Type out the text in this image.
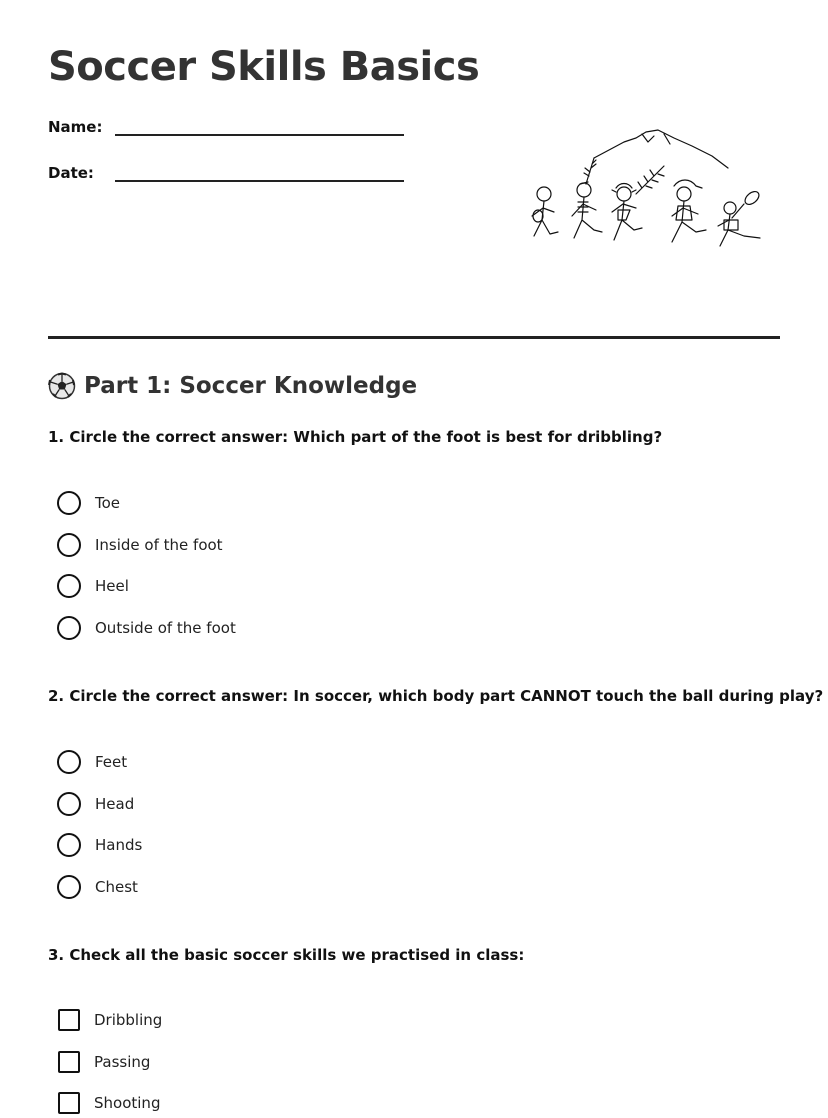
Soccer Skills Basics
Name:
Date:
Part 1: Soccer Knowledge

1. Circle the correct answer: Which part of the foot is best for dribbling?

Toe
Inside of the foot
Heel
Outside of the foot

2. Circle the correct answer: In soccer, which body part CANNOT touch the ball during play?

Feet
Head
Hands
Chest

3. Check all the basic soccer skills we practised in class:

Dribbling
Passing
Shooting
